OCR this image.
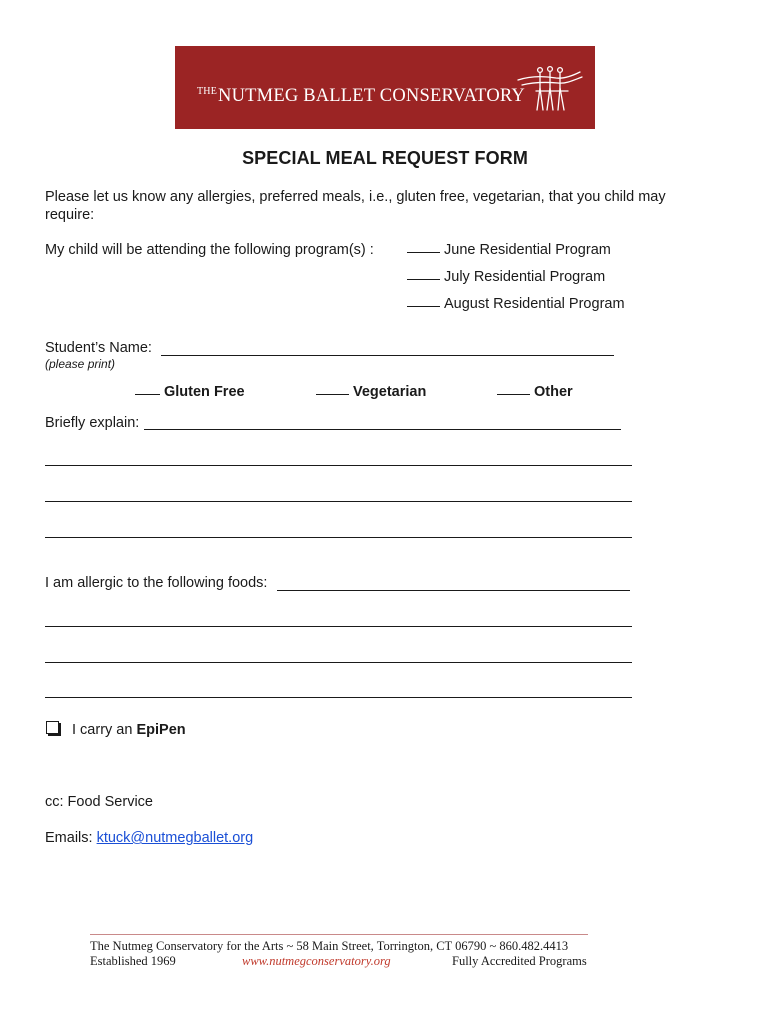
$^{THE}$NUTMEG BALLET CONSERVATORY
SPECIAL MEAL REQUEST FORM
Please let us know any allergies, preferred meals, i.e., gluten free, vegetarian, that you child may
require:
My child will be attending the following program(s) :	June Residential Program
July Residential Program
August Residential Program
Student’s Name:
(please print)
Gluten Free	Vegetarian	Other
Briefly explain:
I am allergic to the following foods:
I carry an EpiPen
cc: Food Service
Emails: ktuck@nutmegballet.org
The Nutmeg Conservatory for the Arts ~ 58 Main Street, Torrington, CT 06790 ~ 860.482.4413
Established 1969	www.nutmegconservatory.org	Fully Accredited Programs
